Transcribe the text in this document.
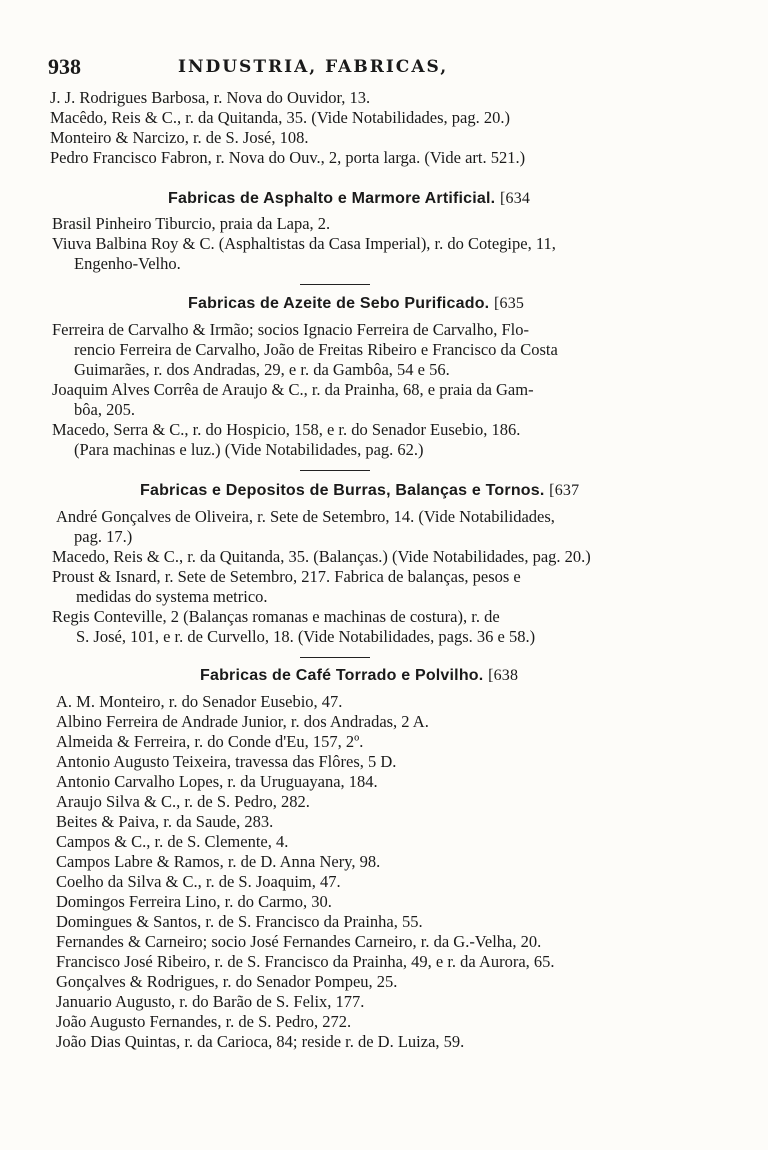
938	INDUSTRIA, FABRICAS,
J. J. Rodrigues Barbosa, r. Nova do Ouvidor, 13.
Macêdo, Reis & C., r. da Quitanda, 35. (Vide Notabilidades, pag. 20.)
Monteiro & Narcizo, r. de S. José, 108.
Pedro Francisco Fabron, r. Nova do Ouv., 2, porta larga. (Vide art. 521.)
Fabricas de Asphalto e Marmore Artificial. [634
Brasil Pinheiro Tiburcio, praia da Lapa, 2.
Viuva Balbina Roy & C. (Asphaltistas da Casa Imperial), r. do Cotegipe, 11,
Engenho-Velho.
Fabricas de Azeite de Sebo Purificado. [635
Ferreira de Carvalho & Irmão; socios Ignacio Ferreira de Carvalho, Flo-
rencio Ferreira de Carvalho, João de Freitas Ribeiro e Francisco da Costa
Guimarães, r. dos Andradas, 29, e r. da Gambôa, 54 e 56.
Joaquim Alves Corrêa de Araujo & C., r. da Prainha, 68, e praia da Gam-
bôa, 205.
Macedo, Serra & C., r. do Hospicio, 158, e r. do Senador Eusebio, 186.
(Para machinas e luz.) (Vide Notabilidades, pag. 62.)
Fabricas e Depositos de Burras, Balanças e Tornos. [637
André Gonçalves de Oliveira, r. Sete de Setembro, 14. (Vide Notabilidades,
pag. 17.)
Macedo, Reis & C., r. da Quitanda, 35. (Balanças.) (Vide Notabilidades, pag. 20.)
Proust & Isnard, r. Sete de Setembro, 217. Fabrica de balanças, pesos e
medidas do systema metrico.
Regis Conteville, 2 (Balanças romanas e machinas de costura), r. de
S. José, 101, e r. de Curvello, 18. (Vide Notabilidades, pags. 36 e 58.)
Fabricas de Café Torrado e Polvilho. [638
A. M. Monteiro, r. do Senador Eusebio, 47.
Albino Ferreira de Andrade Junior, r. dos Andradas, 2 A.
Almeida & Ferreira, r. do Conde d'Eu, 157, 2º.
Antonio Augusto Teixeira, travessa das Flôres, 5 D.
Antonio Carvalho Lopes, r. da Uruguayana, 184.
Araujo Silva & C., r. de S. Pedro, 282.
Beites & Paiva, r. da Saude, 283.
Campos & C., r. de S. Clemente, 4.
Campos Labre & Ramos, r. de D. Anna Nery, 98.
Coelho da Silva & C., r. de S. Joaquim, 47.
Domingos Ferreira Lino, r. do Carmo, 30.
Domingues & Santos, r. de S. Francisco da Prainha, 55.
Fernandes & Carneiro; socio José Fernandes Carneiro, r. da G.-Velha, 20.
Francisco José Ribeiro, r. de S. Francisco da Prainha, 49, e r. da Aurora, 65.
Gonçalves & Rodrigues, r. do Senador Pompeu, 25.
Januario Augusto, r. do Barão de S. Felix, 177.
João Augusto Fernandes, r. de S. Pedro, 272.
João Dias Quintas, r. da Carioca, 84; reside r. de D. Luiza, 59.
